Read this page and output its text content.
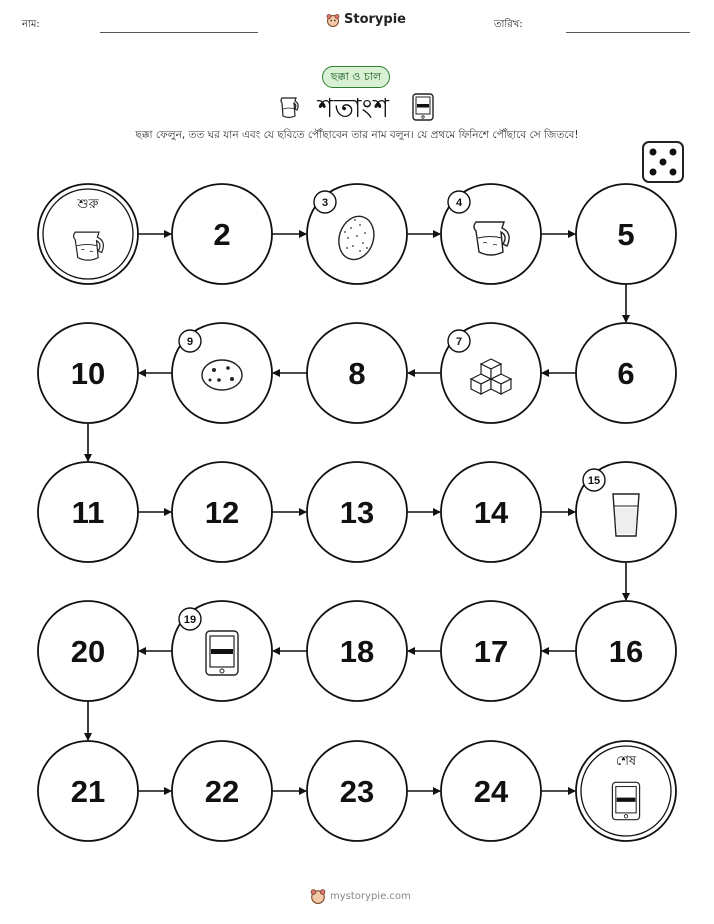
নাম:	Storypie	তারিখ:
ছক্কা ও চাল
শতাংশ
ছক্কা ফেলুন, তত ঘর যান এবং যে ছবিতে পৌঁছাবেন তার নাম বলুন। যে প্রথমে ফিনিশে পৌঁছাবে সে জিতবে!
শুরু
2
3	4
5
6
7
8
9
10
11	12	13	14
15
16
17
18
19
20
21	22	23	24
শেষ
mystorypie.com
